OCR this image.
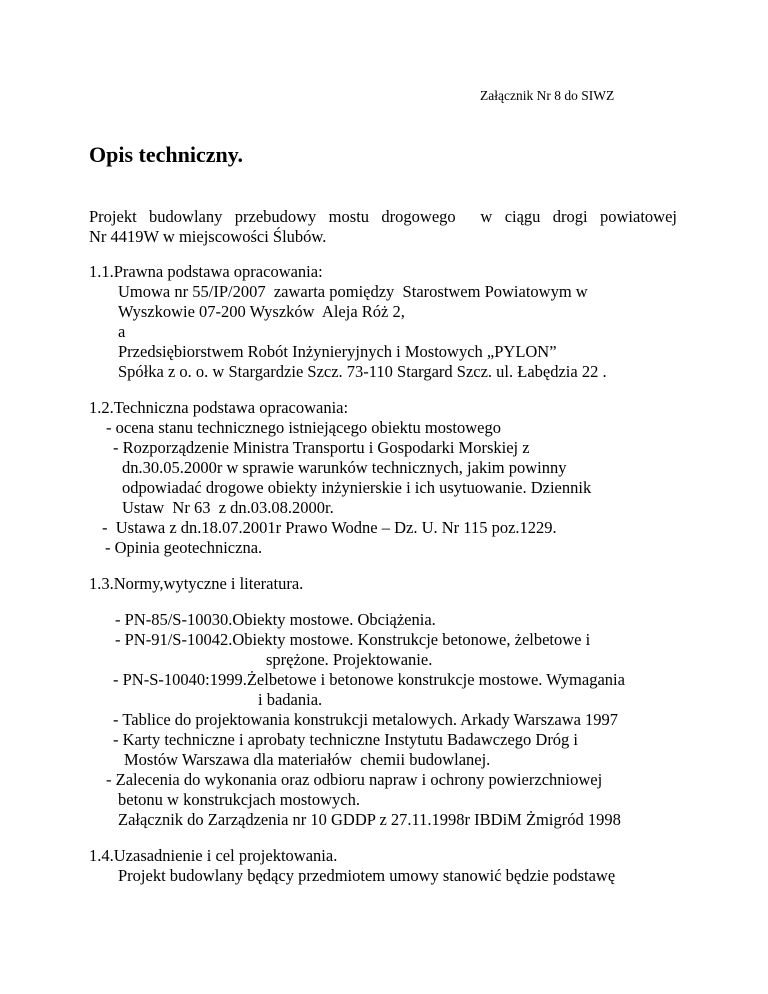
Załącznik Nr 8 do SIWZ
Opis techniczny.
Projekt budowlany przebudowy mostu drogowego  w ciągu drogi powiatowej
Nr 4419W w miejscowości Ślubów.
1.1.Prawna podstawa opracowania:
Umowa nr 55/IP/2007  zawarta pomiędzy  Starostwem Powiatowym w
Wyszkowie 07-200 Wyszków  Aleja Róż 2,
a
Przedsiębiorstwem Robót Inżynieryjnych i Mostowych „PYLON”
Spółka z o. o. w Stargardzie Szcz. 73-110 Stargard Szcz. ul. Łabędzia 22 .
1.2.Techniczna podstawa opracowania:
- ocena stanu technicznego istniejącego obiektu mostowego
- Rozporządzenie Ministra Transportu i Gospodarki Morskiej z
dn.30.05.2000r w sprawie warunków technicznych, jakim powinny
odpowiadać drogowe obiekty inżynierskie i ich usytuowanie. Dziennik
Ustaw  Nr 63  z dn.03.08.2000r.
-  Ustawa z dn.18.07.2001r Prawo Wodne – Dz. U. Nr 115 poz.1229.
- Opinia geotechniczna.
1.3.Normy,wytyczne i literatura.
- PN-85/S-10030.Obiekty mostowe. Obciążenia.
- PN-91/S-10042.Obiekty mostowe. Konstrukcje betonowe, żelbetowe i
sprężone. Projektowanie.
- PN-S-10040:1999.Żelbetowe i betonowe konstrukcje mostowe. Wymagania
i badania.
- Tablice do projektowania konstrukcji metalowych. Arkady Warszawa 1997
- Karty techniczne i aprobaty techniczne Instytutu Badawczego Dróg i
Mostów Warszawa dla materiałów  chemii budowlanej.
- Zalecenia do wykonania oraz odbioru napraw i ochrony powierzchniowej
betonu w konstrukcjach mostowych.
Załącznik do Zarządzenia nr 10 GDDP z 27.11.1998r IBDiM Żmigród 1998
1.4.Uzasadnienie i cel projektowania.
Projekt budowlany będący przedmiotem umowy stanowić będzie podstawę
